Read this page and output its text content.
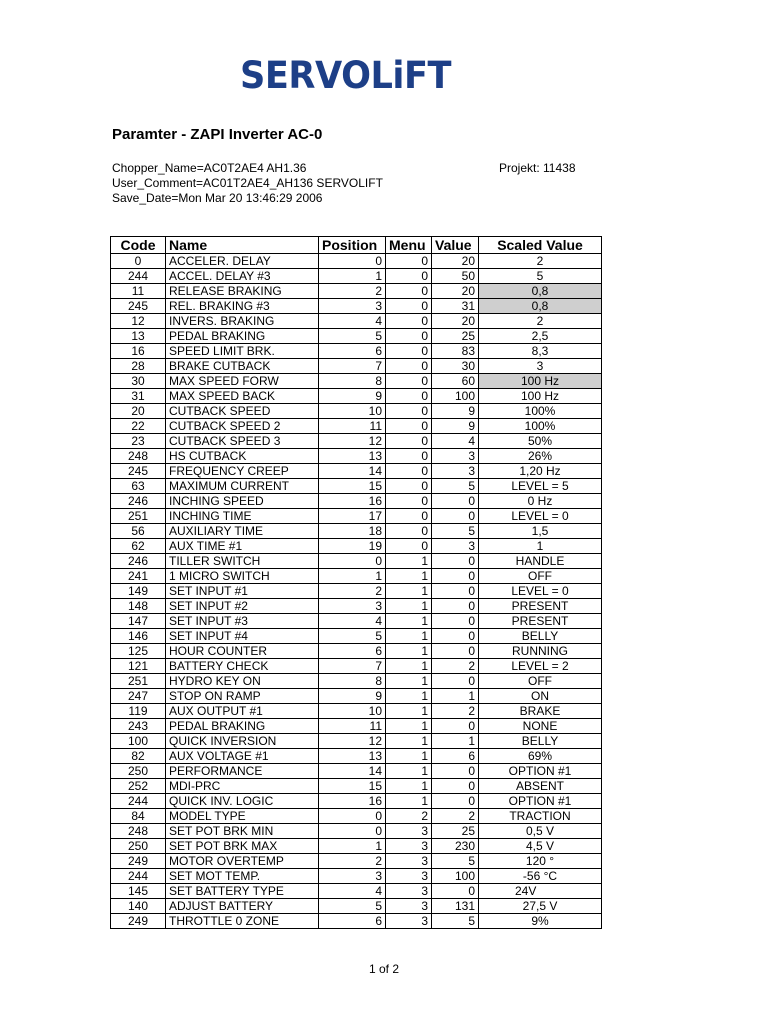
SERVOLiFT
Paramter - ZAPI Inverter AC-0
Chopper_Name=AC0T2AE4 AH1.36
User_Comment=AC01T2AE4_AH136 SERVOLIFT
Save_Date=Mon Mar 20 13:46:29 2006
Projekt: 11438
Code	Name	Position	Menu	Value	Scaled Value
0	ACCELER. DELAY	0	0	20	2
244	ACCEL. DELAY #3	1	0	50	5
11	RELEASE BRAKING	2	0	20	0,8
245	REL. BRAKING #3	3	0	31	0,8
12	INVERS. BRAKING	4	0	20	2
13	PEDAL BRAKING	5	0	25	2,5
16	SPEED LIMIT BRK.	6	0	83	8,3
28	BRAKE CUTBACK	7	0	30	3
30	MAX SPEED FORW	8	0	60	100 Hz
31	MAX SPEED BACK	9	0	100	100 Hz
20	CUTBACK SPEED	10	0	9	100%
22	CUTBACK SPEED 2	11	0	9	100%
23	CUTBACK SPEED 3	12	0	4	50%
248	HS CUTBACK	13	0	3	26%
245	FREQUENCY CREEP	14	0	3	1,20 Hz
63	MAXIMUM CURRENT	15	0	5	LEVEL = 5
246	INCHING SPEED	16	0	0	0 Hz
251	INCHING TIME	17	0	0	LEVEL = 0
56	AUXILIARY TIME	18	0	5	1,5
62	AUX TIME #1	19	0	3	1
246	TILLER SWITCH	0	1	0	HANDLE
241	1 MICRO SWITCH	1	1	0	OFF
149	SET INPUT #1	2	1	0	LEVEL = 0
148	SET INPUT #2	3	1	0	PRESENT
147	SET INPUT #3	4	1	0	PRESENT
146	SET INPUT #4	5	1	0	BELLY
125	HOUR COUNTER	6	1	0	RUNNING
121	BATTERY CHECK	7	1	2	LEVEL = 2
251	HYDRO KEY ON	8	1	0	OFF
247	STOP ON RAMP	9	1	1	ON
119	AUX OUTPUT #1	10	1	2	BRAKE
243	PEDAL BRAKING	11	1	0	NONE
100	QUICK INVERSION	12	1	1	BELLY
82	AUX VOLTAGE #1	13	1	6	69%
250	PERFORMANCE	14	1	0	OPTION #1
252	MDI-PRC	15	1	0	ABSENT
244	QUICK INV. LOGIC	16	1	0	OPTION #1
84	MODEL TYPE	0	2	2	TRACTION
248	SET POT BRK MIN	0	3	25	0,5 V
250	SET POT BRK MAX	1	3	230	4,5 V
249	MOTOR OVERTEMP	2	3	5	120 °
244	SET MOT TEMP.	3	3	100	-56 °C
145	SET BATTERY TYPE	4	3	0	24V
140	ADJUST BATTERY	5	3	131	27,5 V
249	THROTTLE 0 ZONE	6	3	5	9%
1 of 2
